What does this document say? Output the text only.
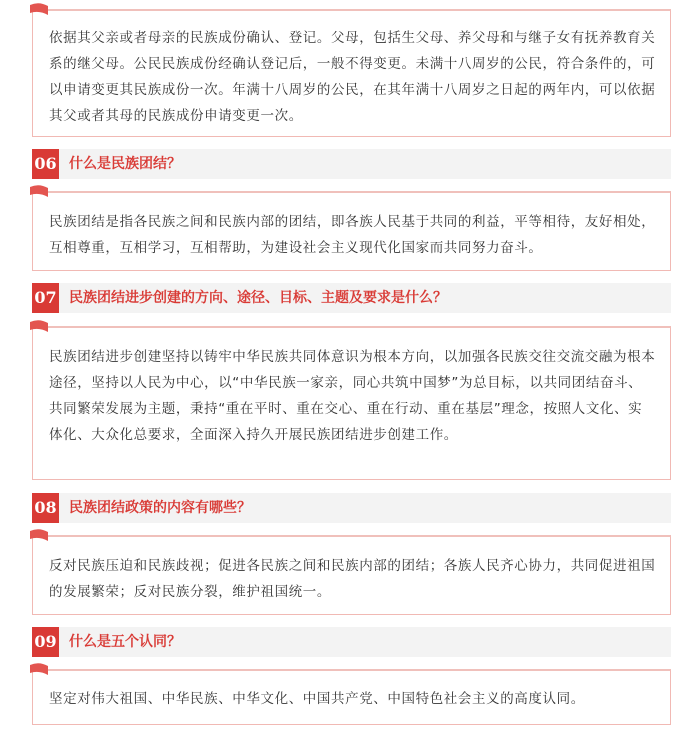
依据其父亲或者母亲的民族成份确认、登记。父母，包括生父母、养父母和与继子女有抚养教育关系的继父母。公民民族成份经确认登记后，一般不得变更。未满十八周岁的公民，符合条件的，可以申请变更其民族成份一次。年满十八周岁的公民，在其年满十八周岁之日起的两年内，可以依据其父或者其母的民族成份申请变更一次。

06 什么是民族团结？

民族团结是指各民族之间和民族内部的团结，即各族人民基于共同的利益，平等相待，友好相处，互相尊重，互相学习，互相帮助，为建设社会主义现代化国家而共同努力奋斗。

07 民族团结进步创建的方向、途径、目标、主题及要求是什么？

民族团结进步创建坚持以铸牢中华民族共同体意识为根本方向，以加强各民族交往交流交融为根本途径，坚持以人民为中心，以“中华民族一家亲，同心共筑中国梦”为总目标，以共同团结奋斗、共同繁荣发展为主题，秉持“重在平时、重在交心、重在行动、重在基层”理念，按照人文化、实体化、大众化总要求，全面深入持久开展民族团结进步创建工作。

08 民族团结政策的内容有哪些？

反对民族压迫和民族歧视；促进各民族之间和民族内部的团结；各族人民齐心协力，共同促进祖国的发展繁荣；反对民族分裂，维护祖国统一。

09 什么是五个认同？

坚定对伟大祖国、中华民族、中华文化、中国共产党、中国特色社会主义的高度认同。
